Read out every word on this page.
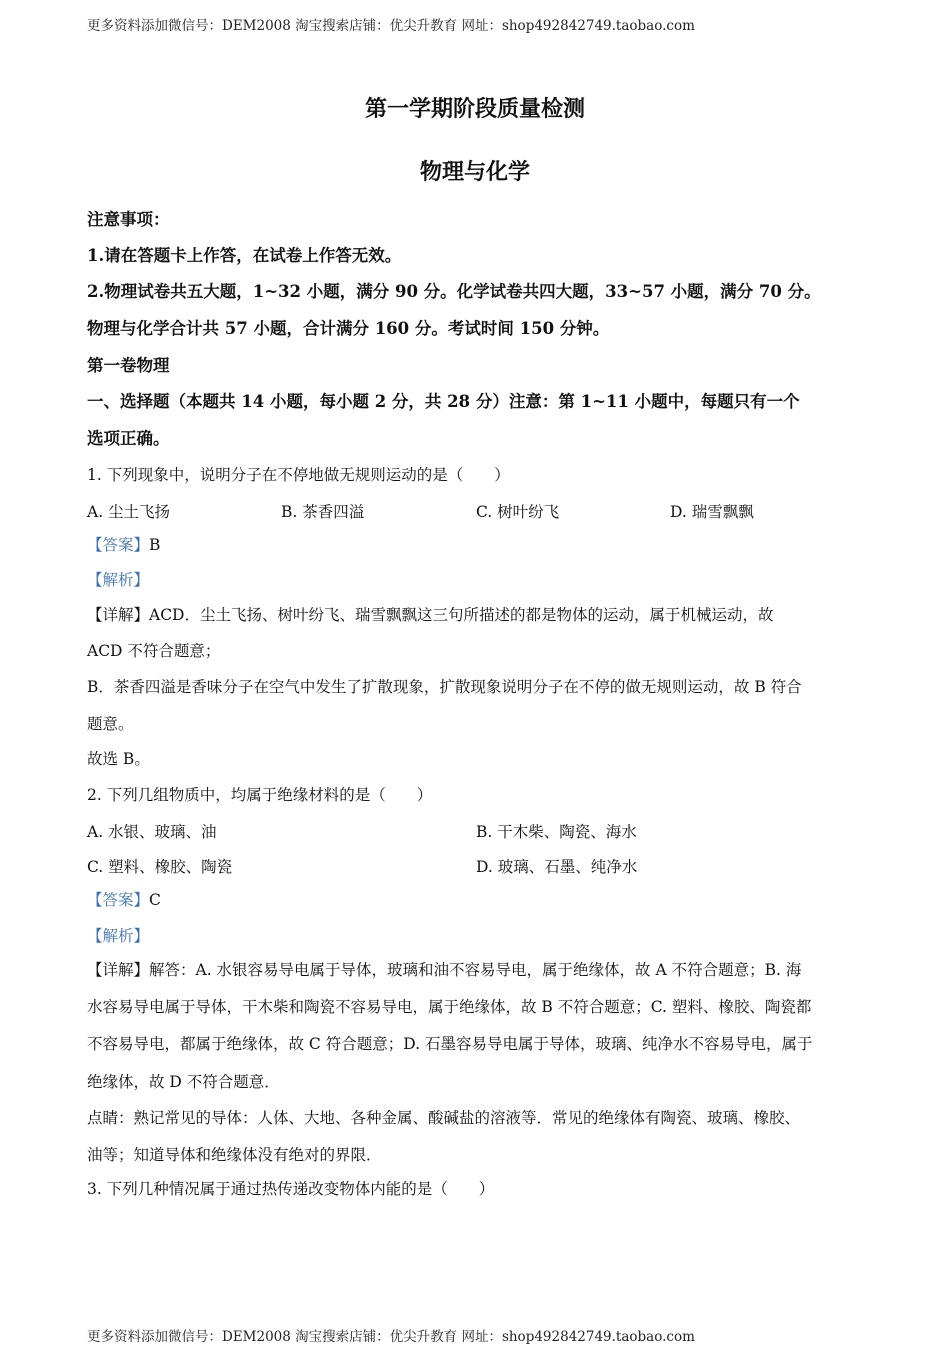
更多资料添加微信号：DEM2008 淘宝搜索店铺：优尖升教育 网址：shop492842749.taobao.com
第一学期阶段质量检测
物理与化学
注意事项：
1.请在答题卡上作答，在试卷上作答无效。
2.物理试卷共五大题，1~32 小题，满分 90 分。化学试卷共四大题，33~57 小题，满分 70 分。
物理与化学合计共 57 小题，合计满分 160 分。考试时间 150 分钟。
第一卷物理
一、选择题（本题共 14 小题，每小题 2 分，共 28 分）注意：第 1~11 小题中，每题只有一个
选项正确。
1. 下列现象中，说明分子在不停地做无规则运动的是（　　）
A. 尘土飞扬	B. 茶香四溢	C. 树叶纷飞	D. 瑞雪飘飘
【答案】B
【解析】
【详解】ACD．尘土飞扬、树叶纷飞、瑞雪飘飘这三句所描述的都是物体的运动，属于机械运动，故
ACD 不符合题意；
B．茶香四溢是香味分子在空气中发生了扩散现象，扩散现象说明分子在不停的做无规则运动，故 B 符合
题意。
故选 B。
2. 下列几组物质中，均属于绝缘材料的是（　　）
A. 水银、玻璃、油	B. 干木柴、陶瓷、海水
C. 塑料、橡胶、陶瓷	D. 玻璃、石墨、纯净水
【答案】C
【解析】
【详解】解答：A. 水银容易导电属于导体，玻璃和油不容易导电，属于绝缘体，故 A 不符合题意；B. 海
水容易导电属于导体，干木柴和陶瓷不容易导电，属于绝缘体，故 B 不符合题意；C. 塑料、橡胶、陶瓷都
不容易导电，都属于绝缘体，故 C 符合题意；D. 石墨容易导电属于导体，玻璃、纯净水不容易导电，属于
绝缘体，故 D 不符合题意．
点睛：熟记常见的导体：人体、大地、各种金属、酸碱盐的溶液等．常见的绝缘体有陶瓷、玻璃、橡胶、
油等；知道导体和绝缘体没有绝对的界限．
3. 下列几种情况属于通过热传递改变物体内能的是（　　）
更多资料添加微信号：DEM2008 淘宝搜索店铺：优尖升教育 网址：shop492842749.taobao.com
